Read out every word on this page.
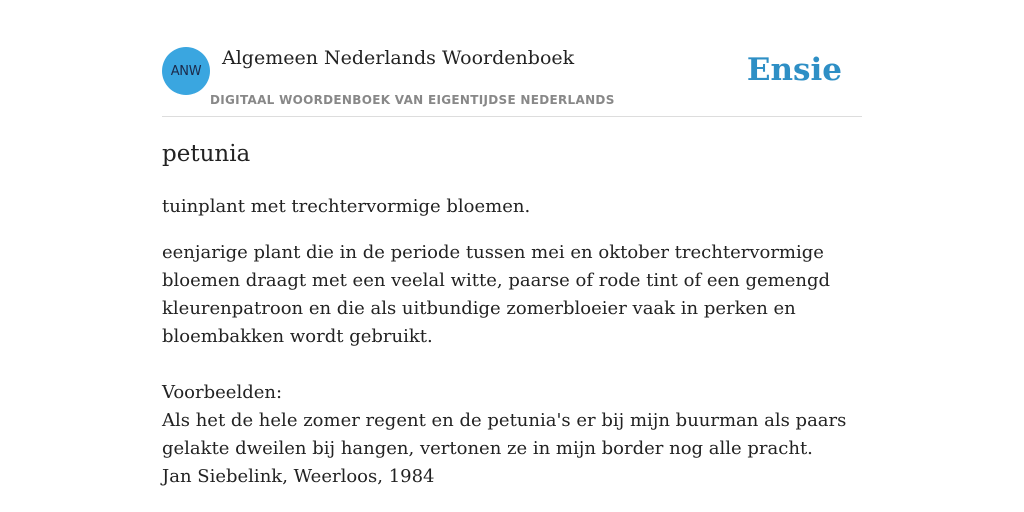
ANW
Algemeen Nederlands Woordenboek
DIGITAAL WOORDENBOEK VAN EIGENTIJDSE NEDERLANDS
Ensie
petunia

tuinplant met trechtervormige bloemen.

eenjarige plant die in de periode tussen mei en oktober trechtervormige bloemen draagt met een veelal witte, paarse of rode tint of een gemengd kleurenpatroon en die als uitbundige zomerbloeier vaak in perken en bloembakken wordt gebruikt.

Voorbeelden:

Als het de hele zomer regent en de petunia's er bij mijn buurman als paars gelakte dweilen bij hangen, vertonen ze in mijn border nog alle pracht.

Jan Siebelink, Weerloos, 1984
